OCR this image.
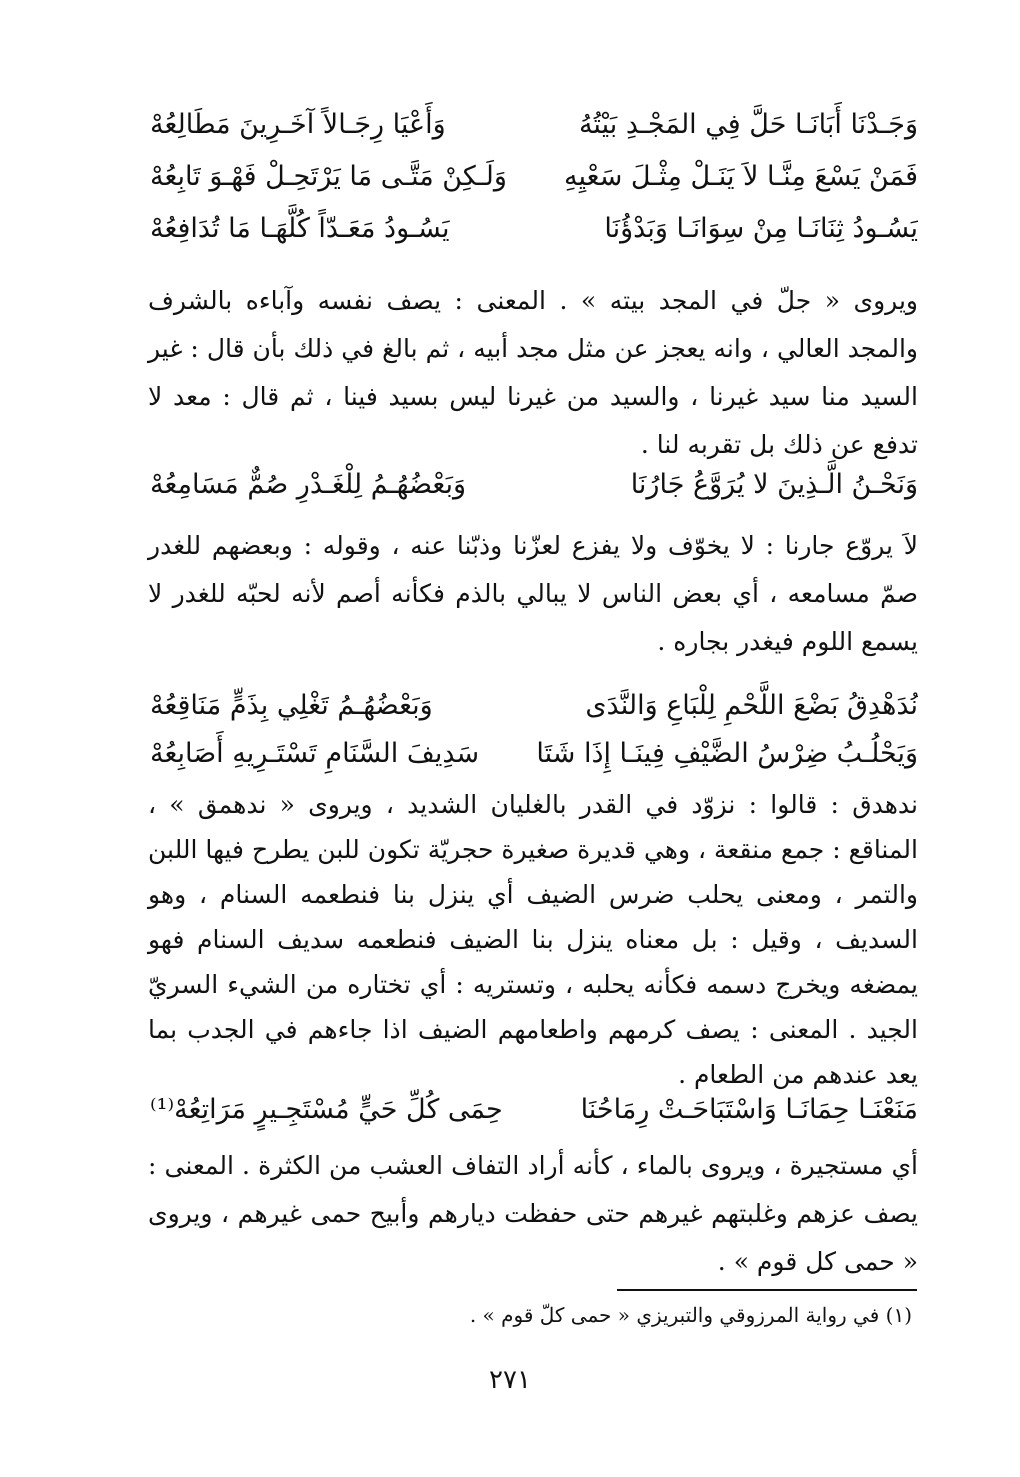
وَجَـدْنَا أَبَانَـا حَلَّ فِي المَجْـدِ بَيْتُهُ
وَأَعْيَا رِجَـالاً آخَـرِينَ مَطَالِعُهْ
فَمَنْ يَسْعَ مِنَّـا لاَ يَنَـلْ مِثْـلَ سَعْيِهِ
وَلَـكِنْ مَتَّـى مَا يَرْتَحِـلْ فَهْـوَ تَابِعُهْ
يَسُـودُ ثِنَانَـا مِنْ سِوَانَـا وَبَدْؤُنَا
يَسُـودُ مَعَـدّاً كُلَّهَـا مَا تُدَافِعُهْ

ويروى « جلّ في المجد بيته » . المعنى : يصف نفسه وآباءه بالشرف والمجد العالي ، وانه يعجز عن مثل مجد أبيه ، ثم بالغ في ذلك بأن قال : غير السيد منا سيد غيرنا ، والسيد من غيرنا ليس بسيد فينا ، ثم قال : معد لا تدفع عن ذلك بل تقربه لنا .

وَنَحْـنُ الَّـذِينَ لا يُرَوَّعُ جَارُنَا
وَبَعْضُهُـمُ لِلْغَـدْرِ صُمٌّ مَسَامِعُهْ

لاَ يروّع جارنا : لا يخوّف ولا يفزع لعزّنا وذبّنا عنه ، وقوله : وبعضهم للغدر صمّ مسامعه ، أي بعض الناس لا يبالي بالذم فكأنه أصم لأنه لحبّه للغدر لا يسمع اللوم فيغدر بجاره .

نُدَهْدِقُ بَضْعَ اللَّحْمِ لِلْبَاعِ وَالنَّدَى
وَبَعْضُهُـمُ تَغْلِي بِذَمٍّ مَنَاقِعُهْ
وَيَحْلُـبُ ضِرْسُ الضَّيْفِ فِينَـا إِذَا شَتَا
سَدِيفَ السَّنَامِ تَسْتَـرِيهِ أَصَابِعُهْ

ندهدق : قالوا : نزوّد في القدر بالغليان الشديد ، ويروى « ندهمق » ، المناقع : جمع منقعة ، وهي قديرة صغيرة حجريّة تكون للبن يطرح فيها اللبن والتمر ، ومعنى يحلب ضرس الضيف أي ينزل بنا فنطعمه السنام ، وهو السديف ، وقيل : بل معناه ينزل بنا الضيف فنطعمه سديف السنام فهو يمضغه ويخرج دسمه فكأنه يحلبه ، وتستريه : أي تختاره من الشيء السريّ الجيد . المعنى : يصف كرمهم واطعامهم الضيف اذا جاءهم في الجدب بما يعد عندهم من الطعام .

مَنَعْنَـا حِمَانَـا وَاسْتَبَاحَـتْ رِمَاحُنَا
حِمَى كُلِّ حَيٍّ مُسْتَجِـيرٍ مَرَاتِعُهْ⁽¹⁾

أي مستجيرة ، ويروى بالماء ، كأنه أراد التفاف العشب من الكثرة . المعنى : يصف عزهم وغلبتهم غيرهم حتى حفظت ديارهم وأبيح حمى غيرهم ، ويروى « حمى كل قوم » .

(١) في رواية المرزوقي والتبريزي « حمى كلّ قوم » .
٢٧١
